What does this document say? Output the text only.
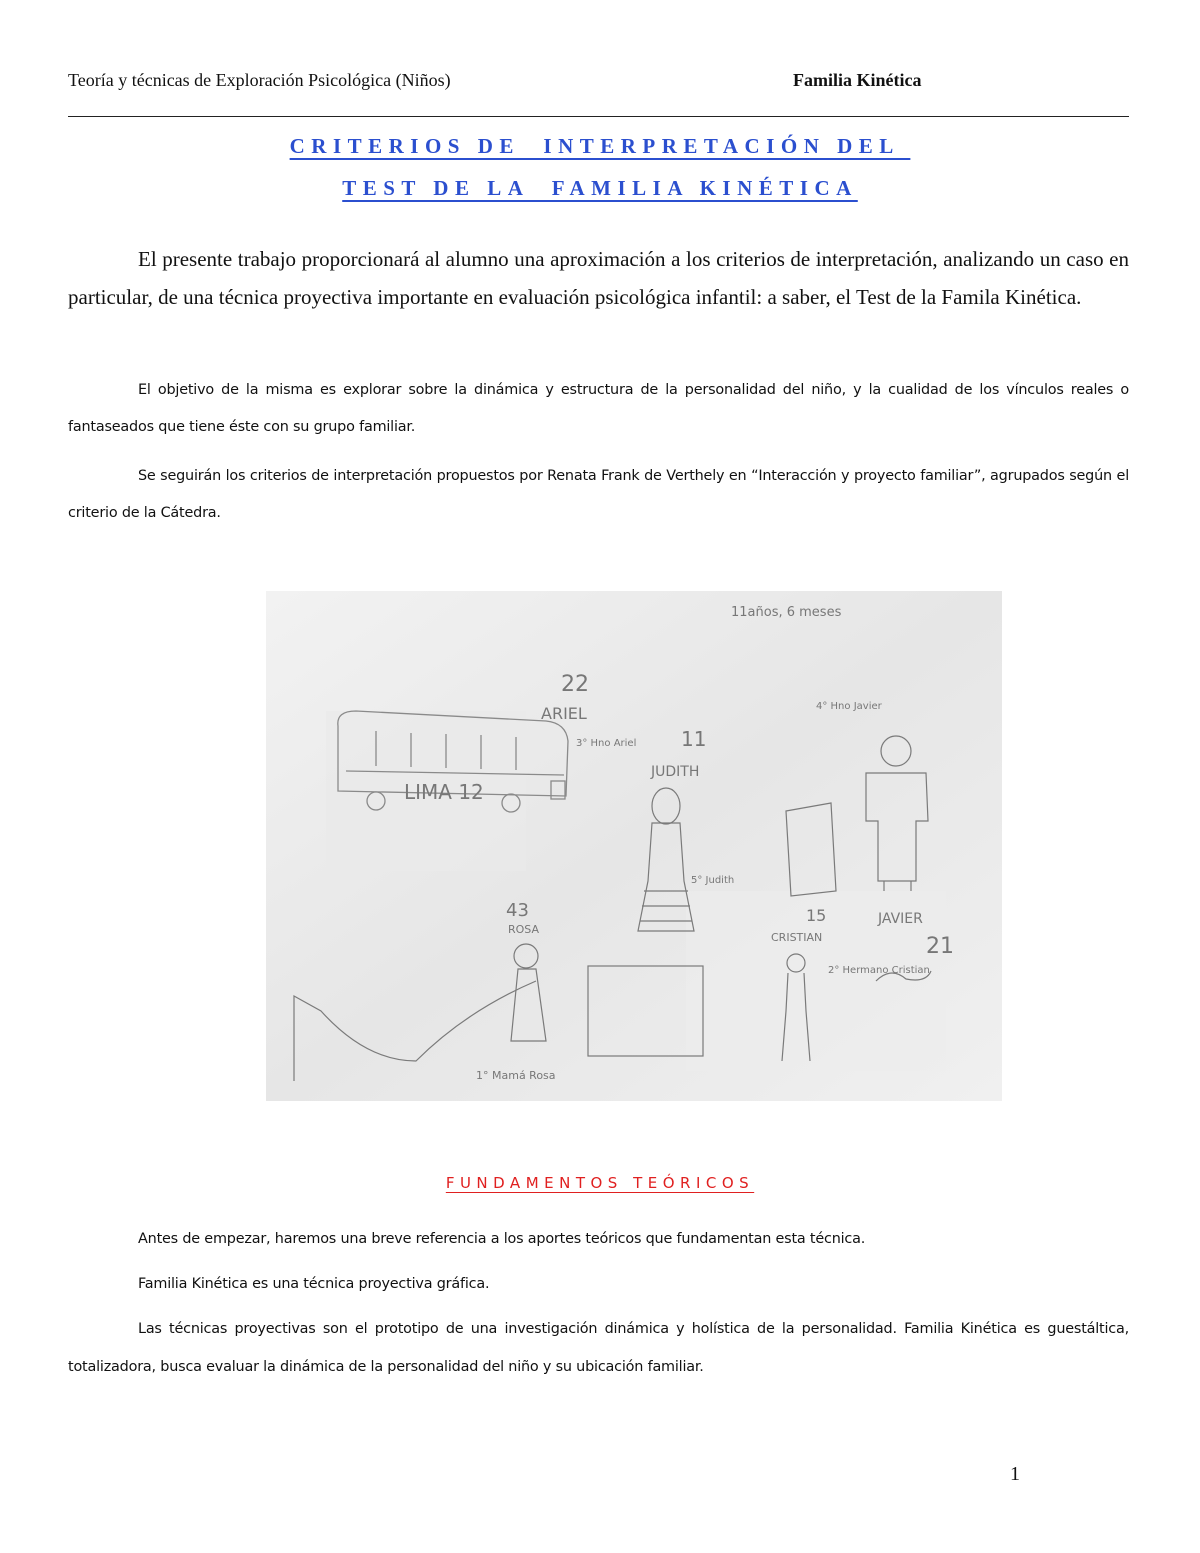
Teoría y técnicas de Exploración Psicológica (Niños)	Familia Kinética
CRITERIOS DE  INTERPRETACIÓN DEL
TEST DE LA  FAMILIA KINÉTICA
El presente trabajo proporcionará al alumno una aproximación a los criterios de interpretación, analizando un caso en particular, de una técnica proyectiva importante en evaluación psicológica infantil: a saber, el Test de la Famila Kinética.
El objetivo de la misma es explorar sobre la dinámica y estructura de la personalidad del niño, y la cualidad de los vínculos reales o fantaseados que tiene éste con su grupo familiar.
Se seguirán los criterios de interpretación propuestos por Renata Frank de Verthely en “Interacción y proyecto familiar”, agrupados según el criterio de la Cátedra.
11años, 6 meses
LIMA 12
22
ARIEL
3° Hno Ariel 11
JUDITH
5° Judith
4° Hno Javier
JAVIER
21
43
ROSA
1° Mamá Rosa
15
CRISTIAN
2° Hermano Cristian
FUNDAMENTOS TEÓRICOS
Antes de empezar, haremos una breve referencia a los aportes teóricos que fundamentan esta técnica.
Familia Kinética es una técnica proyectiva gráfica.
Las técnicas proyectivas son el prototipo de una investigación dinámica y holística de la personalidad. Familia Kinética es guestáltica, totalizadora, busca evaluar la dinámica de la personalidad del niño y su ubicación familiar.
1
